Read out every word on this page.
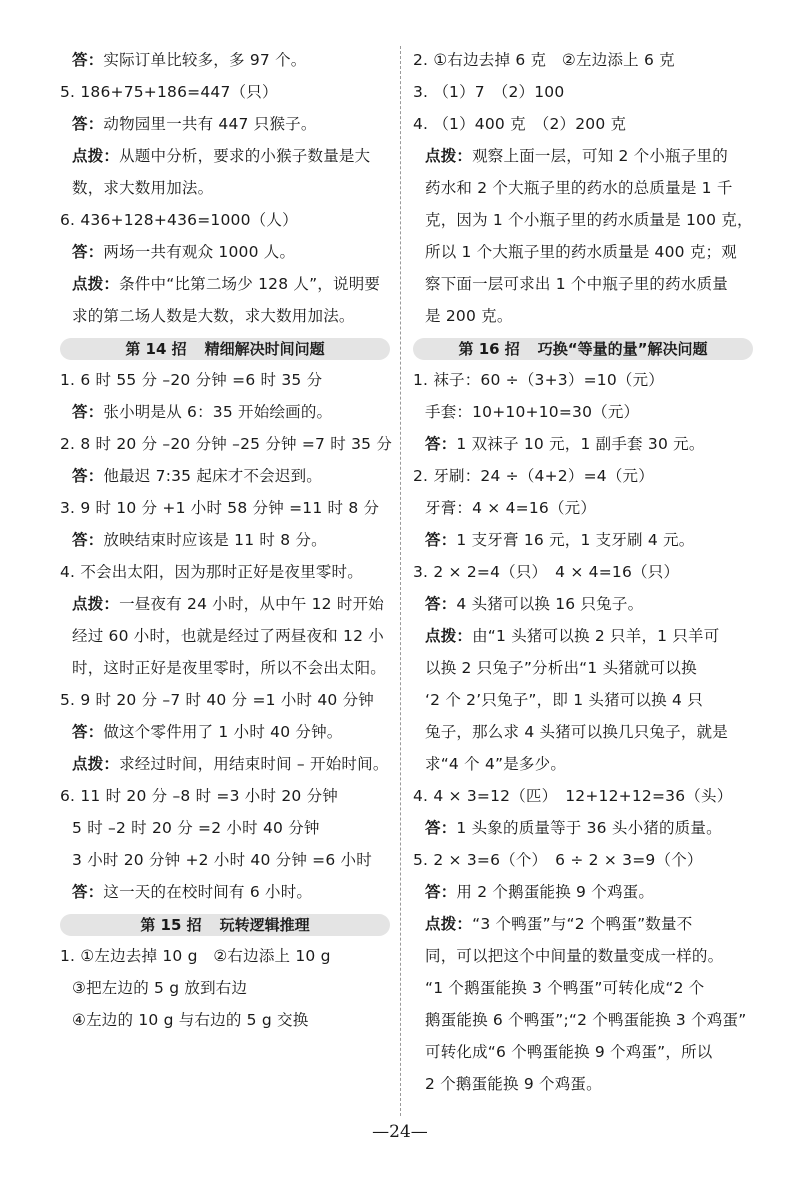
答：实际订单比较多，多 97 个。
5. 186+75+186=447（只）
答：动物园里一共有 447 只猴子。
点拨：从题中分析，要求的小猴子数量是大
数，求大数用加法。
6. 436+128+436=1000（人）
答：两场一共有观众 1000 人。
点拨：条件中“比第二场少 128 人”，说明要
求的第二场人数是大数，求大数用加法。
第 14 招 精细解决时间问题
1. 6 时 55 分 –20 分钟 =6 时 35 分
答：张小明是从 6：35 开始绘画的。
2. 8 时 20 分 –20 分钟 –25 分钟 =7 时 35 分
答：他最迟 7:35 起床才不会迟到。
3. 9 时 10 分 +1 小时 58 分钟 =11 时 8 分
答：放映结束时应该是 11 时 8 分。
4. 不会出太阳，因为那时正好是夜里零时。
点拨：一昼夜有 24 小时，从中午 12 时开始
经过 60 小时，也就是经过了两昼夜和 12 小
时，这时正好是夜里零时，所以不会出太阳。
5. 9 时 20 分 –7 时 40 分 =1 小时 40 分钟
答：做这个零件用了 1 小时 40 分钟。
点拨：求经过时间，用结束时间 – 开始时间。
6. 11 时 20 分 –8 时 =3 小时 20 分钟
5 时 –2 时 20 分 =2 小时 40 分钟
3 小时 20 分钟 +2 小时 40 分钟 =6 小时
答：这一天的在校时间有 6 小时。
第 15 招 玩转逻辑推理
1. ①左边去掉 10 g　②右边添上 10 g
③把左边的 5 g 放到右边
④左边的 10 g 与右边的 5 g 交换
2. ①右边去掉 6 克　②左边添上 6 克
3. （1）7　（2）100
4. （1）400 克　（2）200 克
点拨：观察上面一层，可知 2 个小瓶子里的
药水和 2 个大瓶子里的药水的总质量是 1 千
克，因为 1 个小瓶子里的药水质量是 100 克，
所以 1 个大瓶子里的药水质量是 400 克；观
察下面一层可求出 1 个中瓶子里的药水质量
是 200 克。
第 16 招 巧换“等量的量”解决问题
1. 袜子：60 ÷（3+3）=10（元）
手套：10+10+10=30（元）
答：1 双袜子 10 元，1 副手套 30 元。
2. 牙刷：24 ÷（4+2）=4（元）
牙膏：4 × 4=16（元）
答：1 支牙膏 16 元，1 支牙刷 4 元。
3. 2 × 2=4（只）　4 × 4=16（只）
答：4 头猪可以换 16 只兔子。
点拨：由“1 头猪可以换 2 只羊，1 只羊可
以换 2 只兔子”分析出“1 头猪就可以换
‘2 个 2’只兔子”，即 1 头猪可以换 4 只
兔子，那么求 4 头猪可以换几只兔子，就是
求“4 个 4”是多少。
4. 4 × 3=12（匹）　12+12+12=36（头）
答：1 头象的质量等于 36 头小猪的质量。
5. 2 × 3=6（个）　6 ÷ 2 × 3=9（个）
答：用 2 个鹅蛋能换 9 个鸡蛋。
点拨：“3 个鸭蛋”与“2 个鸭蛋”数量不
同，可以把这个中间量的数量变成一样的。
“1 个鹅蛋能换 3 个鸭蛋”可转化成“2 个
鹅蛋能换 6 个鸭蛋”;“2 个鸭蛋能换 3 个鸡蛋”
可转化成“6 个鸭蛋能换 9 个鸡蛋”，所以
2 个鹅蛋能换 9 个鸡蛋。
—24—
